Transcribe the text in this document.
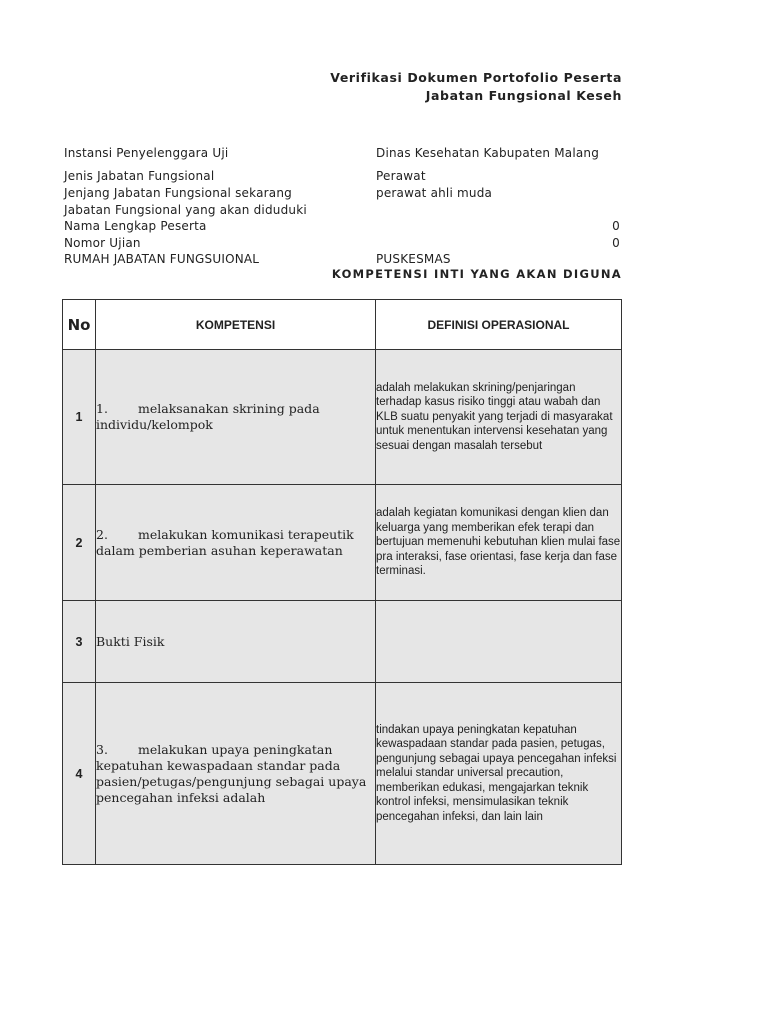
Verifikasi Dokumen Portofolio Peserta
Jabatan Fungsional Keseh
Instansi Penyelenggara Uji	Dinas Kesehatan Kabupaten Malang
Jenis Jabatan Fungsional	Perawat
Jenjang Jabatan Fungsional sekarang	perawat ahli muda
Jabatan Fungsional yang akan diduduki
Nama Lengkap Peserta	0
Nomor Ujian	0
RUMAH JABATAN FUNGSUIONAL	PUSKESMAS
KOMPETENSI INTI YANG AKAN DIGUNA
No	KOMPETENSI	DEFINISI OPERASIONAL
1	1. melaksanakan skrining pada individu/kelompok	adalah melakukan skrining/penjaringan terhadap kasus risiko tinggi atau wabah dan KLB suatu penyakit yang terjadi di masyarakat untuk menentukan intervensi kesehatan yang sesuai dengan masalah tersebut
2	2. melakukan komunikasi terapeutik dalam pemberian asuhan keperawatan	adalah kegiatan komunikasi dengan klien dan keluarga yang memberikan efek terapi dan bertujuan memenuhi kebutuhan klien mulai fase pra interaksi, fase orientasi, fase kerja dan fase terminasi.
3	Bukti Fisik	
4	3. melakukan upaya peningkatan kepatuhan kewaspadaan standar pada pasien/petugas/pengunjung sebagai upaya pencegahan infeksi adalah	tindakan upaya peningkatan kepatuhan kewaspadaan standar pada pasien, petugas, pengunjung sebagai upaya pencegahan infeksi melalui standar universal precaution, memberikan edukasi, mengajarkan teknik kontrol infeksi, mensimulasikan teknik pencegahan infeksi, dan lain lain
